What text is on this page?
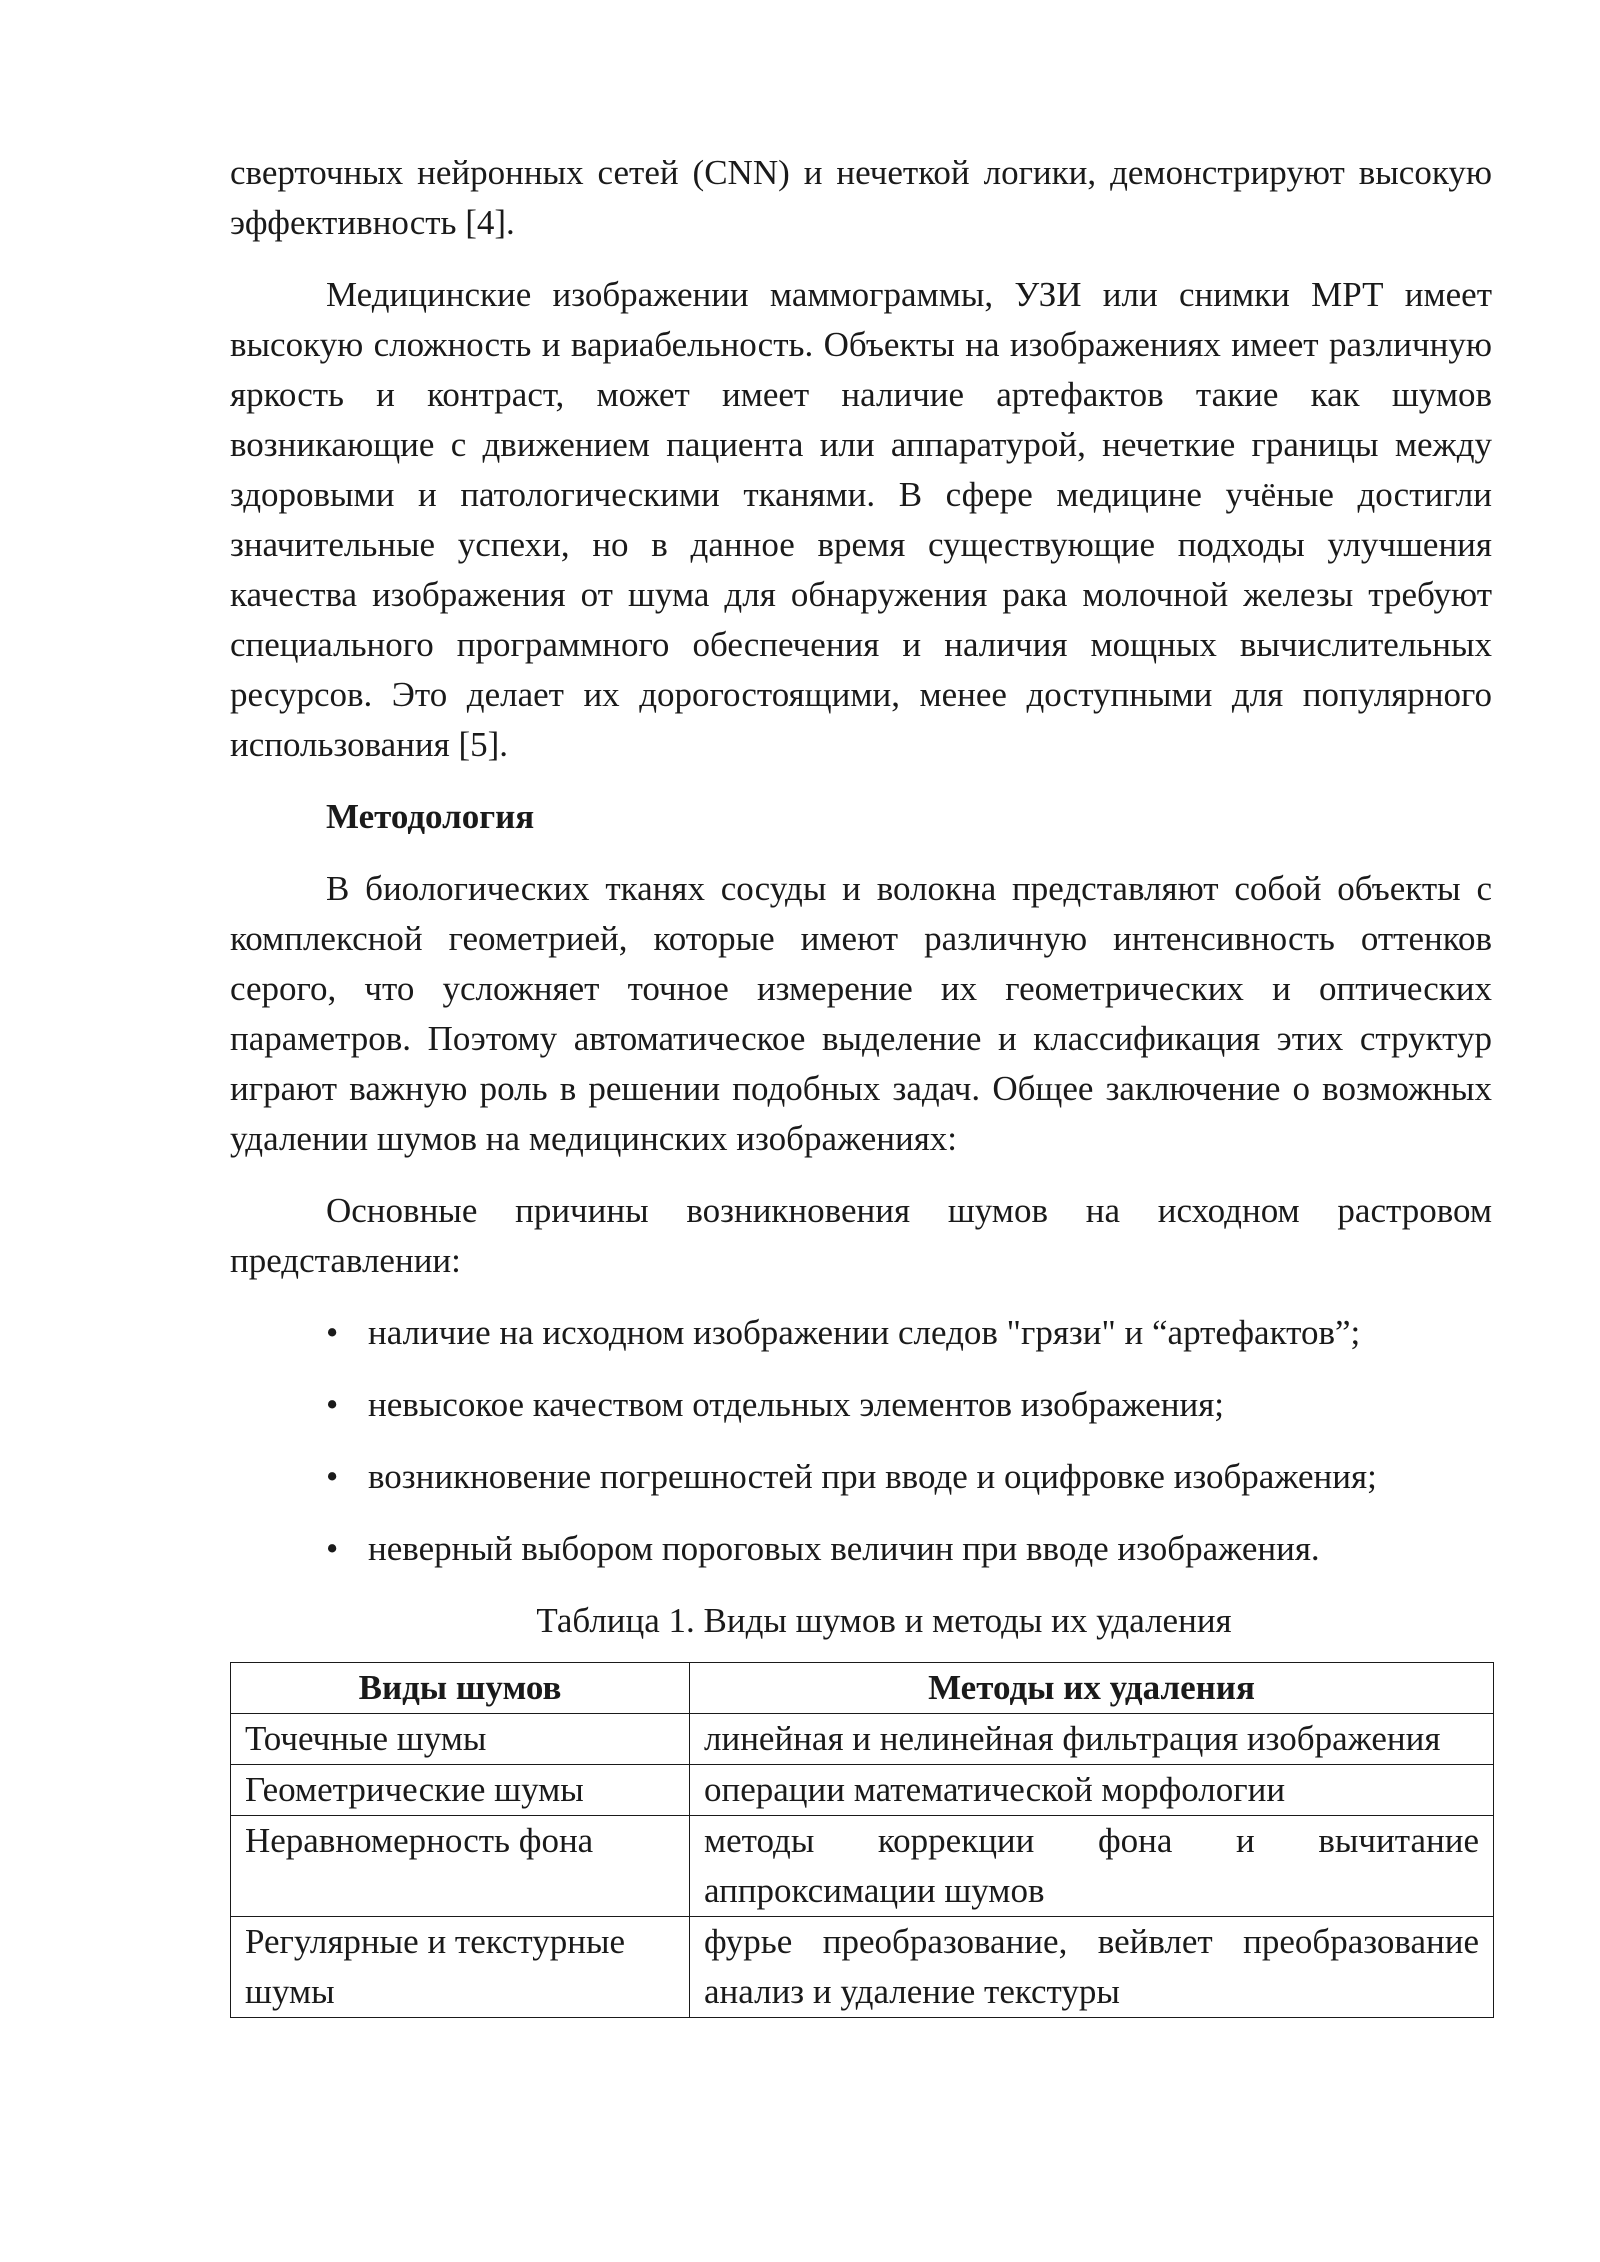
сверточных нейронных сетей (CNN) и нечеткой логики, демонстрируют высокую эффективность [4].

Медицинские изображении маммограммы, УЗИ или снимки МРТ имеет высокую сложность и вариабельность. Объекты на изображениях имеет различную яркость и контраст, может имеет наличие артефактов такие как шумов возникающие с движением пациента или аппаратурой, нечеткие границы между здоровыми и патологическими тканями. В сфере медицине учёные достигли значительные успехи, но в данное время существующие подходы улучшения качества изображения от шума для обнаружения рака молочной железы требуют специального программного обеспечения и наличия мощных вычислительных ресурсов. Это делает их дорогостоящими, менее доступными для популярного использования [5].

Методология

В биологических тканях сосуды и волокна представляют собой объекты с комплексной геометрией, которые имеют различную интенсивность оттенков серого, что усложняет точное измерение их геометрических и оптических параметров. Поэтому автоматическое выделение и классификация этих структур играют важную роль в решении подобных задач. Общее заключение о возможных удалении шумов на медицинских изображениях:

Основные причины возникновения шумов на исходном растровом представлении:

• наличие на исходном изображении следов "грязи" и “артефактов”;
• невысокое качеством отдельных элементов изображения;
• возникновение погрешностей при вводе и оцифровке изображения;
• неверный выбором пороговых величин при вводе изображения.
Таблица 1. Виды шумов и методы их удаления
Виды шумов	Методы их удаления
Точечные шумы	линейная и нелинейная фильтрация изображения
Геометрические шумы	операции математической морфологии
Неравномерность фона	методы коррекции фона и вычитание аппроксимации шумов
Регулярные и текстурные шумы	фурье преобразование, вейвлет преобразование анализ и удаление текстуры
